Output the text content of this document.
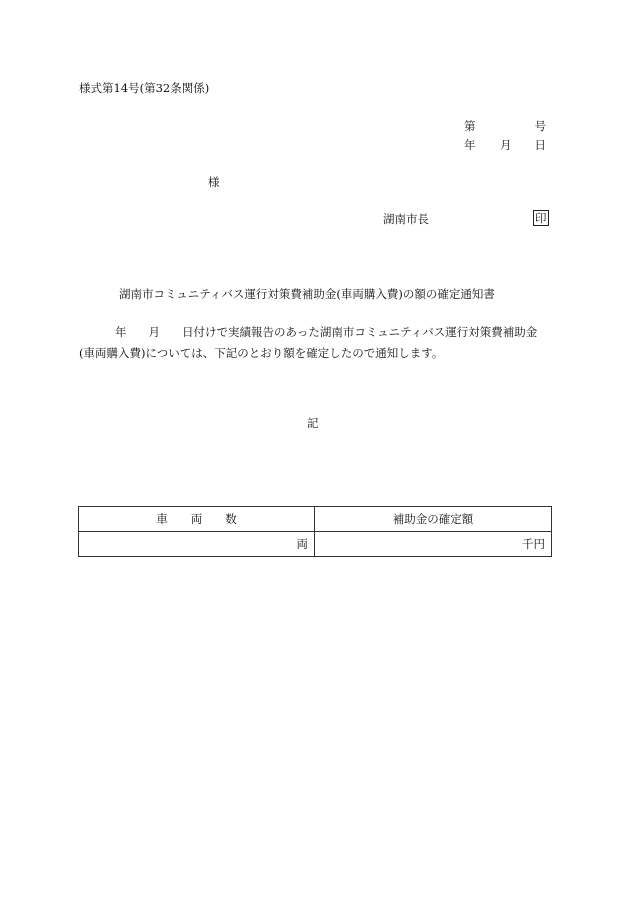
様式第14号(第32条関係)
第	号
年 月 日
様
湖南市長	印
湖南市コミュニティバス運行対策費補助金(車両購入費)の額の確定通知書
年 月 日付けで実績報告のあった湖南市コミュニティバス運行対策費補助金
(車両購入費)については、下記のとおり額を確定したので通知します。
記
車　　両　　数	補助金の確定額
両	千円
